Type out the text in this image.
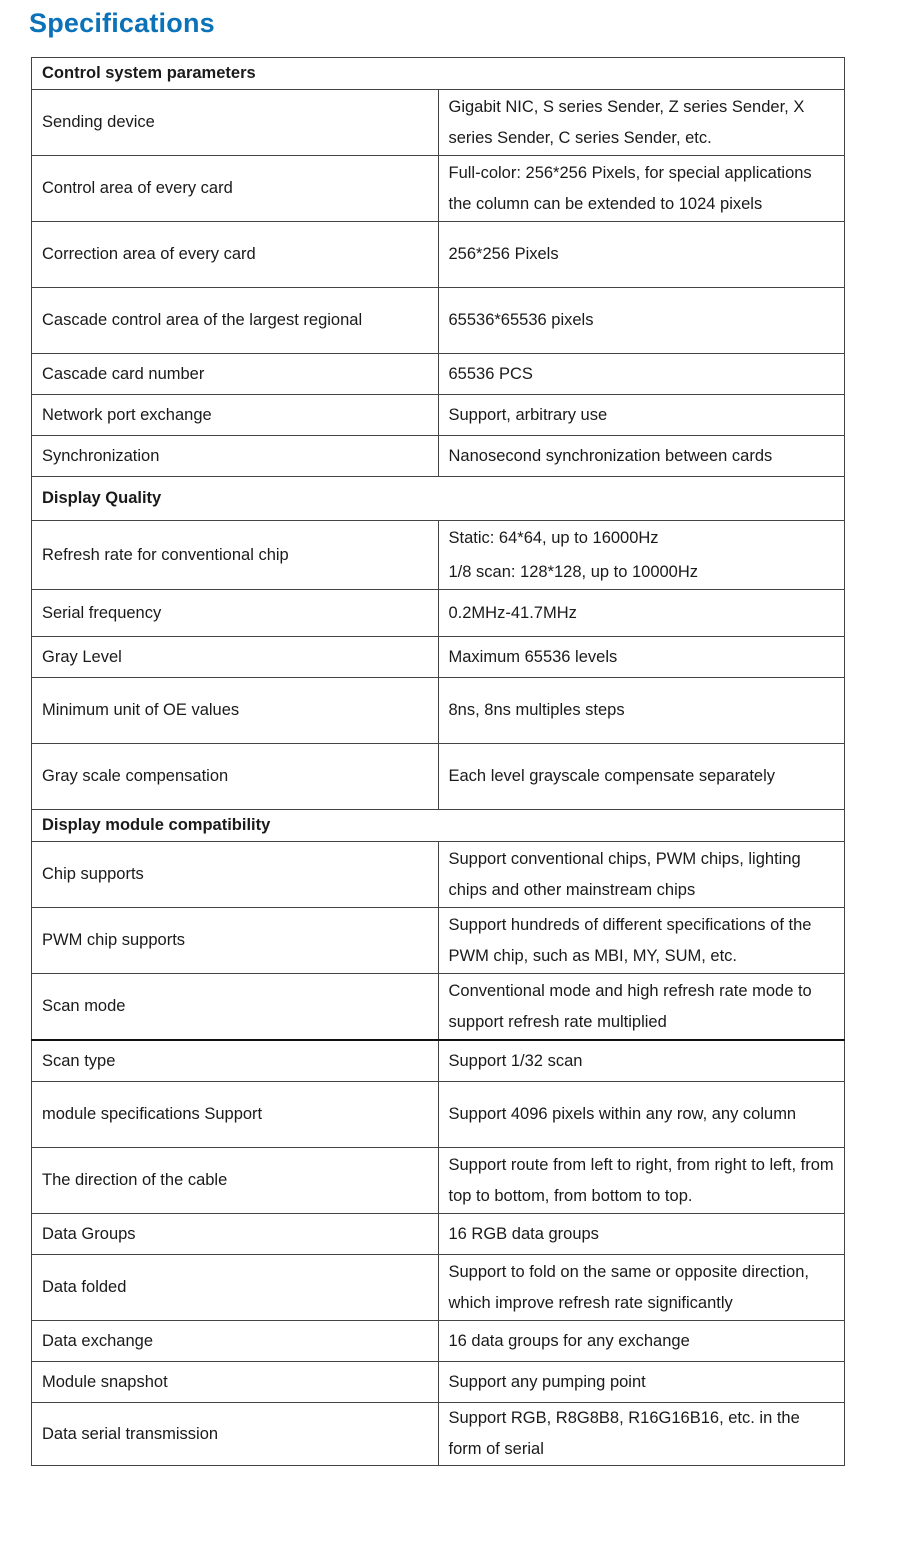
Specifications
Control system parameters	
Sending device	Gigabit NIC, S series Sender, Z series Sender, X series Sender, C series Sender, etc.
Control area of every card	Full-color: 256*256 Pixels, for special applications the column can be extended to 1024 pixels
Correction area of every card	256*256 Pixels
Cascade control area of the largest regional	65536*65536 pixels
Cascade card number	65536 PCS
Network port exchange	Support, arbitrary use
Synchronization	Nanosecond synchronization between cards
Display Quality	
Refresh rate for conventional chip	Static: 64*64, up to 16000Hz
1/8 scan: 128*128, up to 10000Hz

Serial frequency	0.2MHz-41.7MHz
Gray Level	Maximum 65536 levels
Minimum unit of OE values	8ns, 8ns multiples steps
Gray scale compensation	Each level grayscale compensate separately
Display module compatibility	
Chip supports	Support conventional chips, PWM chips, lighting chips and other mainstream chips
PWM chip supports	Support hundreds of different specifications of the PWM chip, such as MBI, MY, SUM, etc.
Scan mode	Conventional mode and high refresh rate mode to support refresh rate multiplied
Scan type	Support 1/32 scan
module specifications Support	Support 4096 pixels within any row, any column
The direction of the cable	Support route from left to right, from right to left, from top to bottom, from bottom to top.
Data Groups	16 RGB data groups
Data folded	Support to fold on the same or opposite direction, which improve refresh rate significantly
Data exchange	16 data groups for any exchange
Module snapshot	Support any pumping point
Data serial transmission	Support RGB, R8G8B8, R16G16B16, etc. in the form of serial
